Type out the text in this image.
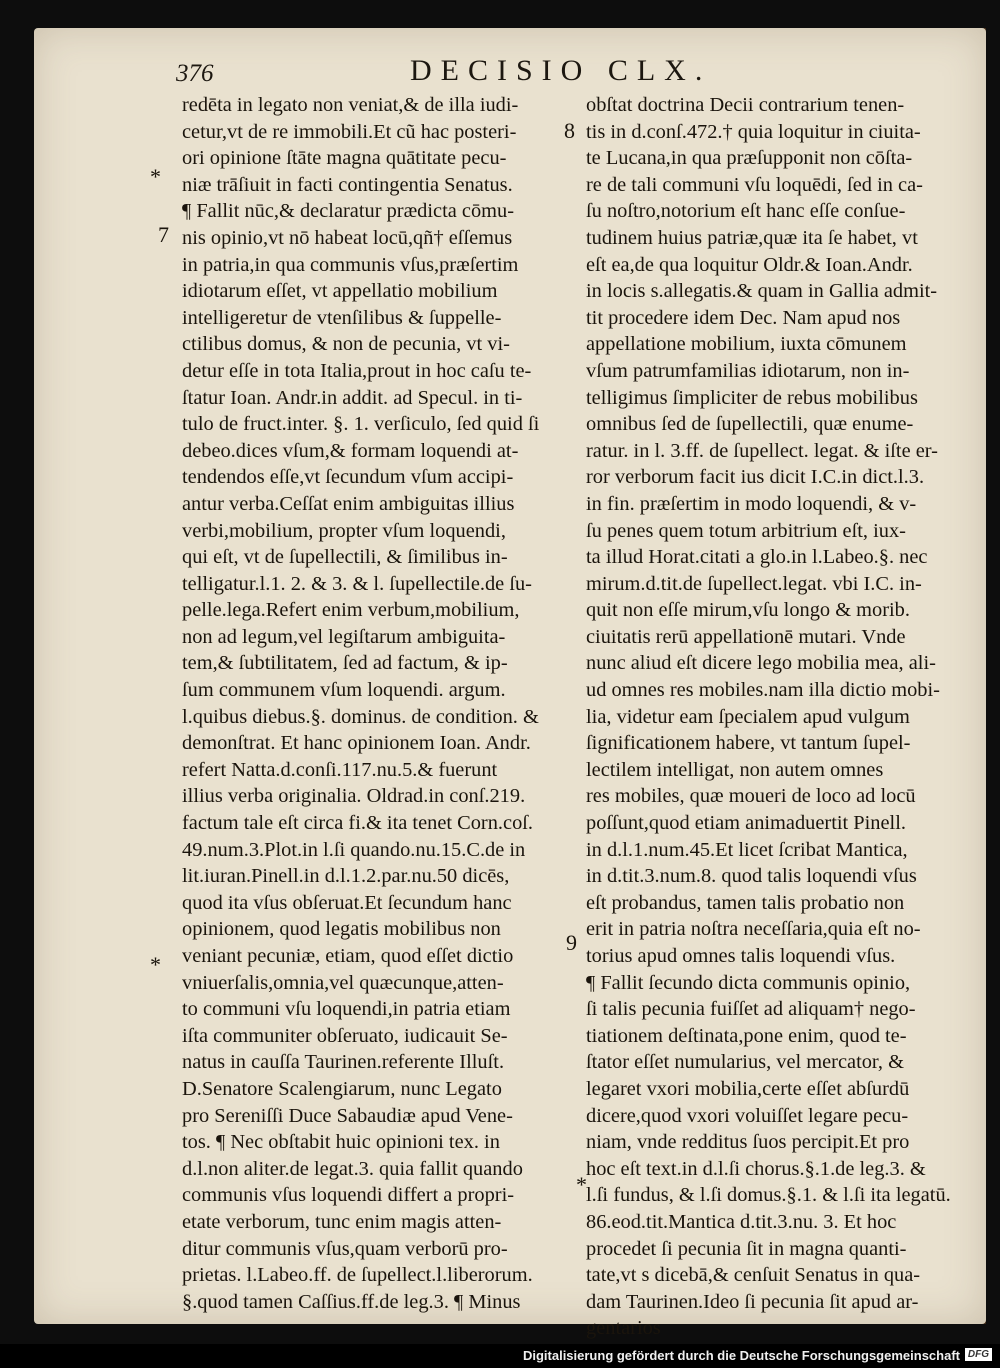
376	DECISIO CLX.
redēta in legato non veniat,& de illa iudi-
cetur,vt de re immobili.Et cũ hac posteri-
ori opinione ſtāte magna quātitate pecu-
niæ trāſiuit in facti contingentia Senatus.
¶ Fallit nūc,& declaratur prædicta cōmu-
nis opinio,vt nō habeat locū,qñ† eſſemus
in patria,in qua communis vſus,præſertim
idiotarum eſſet, vt appellatio mobilium
intelligeretur de vtenſilibus & ſuppelle-
ctilibus domus, & non de pecunia, vt vi-
detur eſſe in tota Italia,prout in hoc caſu te-
ſtatur Ioan. Andr.in addit. ad Specul. in ti-
tulo de fruct.inter. §. 1. verſiculo, ſed quid ſi
debeo.dices vſum,& formam loquendi at-
tendendos eſſe,vt ſecundum vſum accipi-
antur verba.Ceſſat enim ambiguitas illius
verbi,mobilium, propter vſum loquendi,
qui eſt, vt de ſupellectili, & ſimilibus in-
telligatur.l.1. 2. & 3. & l. ſupellectile.de ſu-
pelle.lega.Refert enim verbum,mobilium,
non ad legum,vel legiſtarum ambiguita-
tem,& ſubtilitatem, ſed ad factum, & ip-
ſum communem vſum loquendi. argum.
l.quibus diebus.§. dominus. de condition. &
demonſtrat. Et hanc opinionem Ioan. Andr.
refert Natta.d.conſi.117.nu.5.& fuerunt
illius verba originalia. Oldrad.in conſ.219.
factum tale eſt circa fi.& ita tenet Corn.coſ.
49.num.3.Plot.in l.ſi quando.nu.15.C.de in
lit.iuran.Pinell.in d.l.1.2.par.nu.50 dicēs,
quod ita vſus obſeruat.Et ſecundum hanc
opinionem, quod legatis mobilibus non
veniant pecuniæ, etiam, quod eſſet dictio
vniuerſalis,omnia,vel quæcunque,atten-
to communi vſu loquendi,in patria etiam
iſta communiter obſeruato, iudicauit Se-
natus in cauſſa Taurinen.referente Illuſt.
D.Senatore Scalengiarum, nunc Legato
pro Sereniſſi Duce Sabaudiæ apud Vene-
tos. ¶ Nec obſtabit huic opinioni tex. in
d.l.non aliter.de legat.3. quia fallit quando
communis vſus loquendi differt a propri-
etate verborum, tunc enim magis atten-
ditur communis vſus,quam verborū pro-
prietas. l.Labeo.ff. de ſupellect.l.liberorum.
§.quod tamen Caſſius.ff.de leg.3. ¶ Minus
obſtat doctrina Decii contrarium tenen-
tis in d.conſ.472.† quia loquitur in ciuita-
te Lucana,in qua præſupponit non cōſta-
re de tali communi vſu loquēdi, ſed in ca-
ſu noſtro,notorium eſt hanc eſſe conſue-
tudinem huius patriæ,quæ ita ſe habet, vt
eſt ea,de qua loquitur Oldr.& Ioan.Andr.
in locis s.allegatis.& quam in Gallia admit-
tit procedere idem Dec. Nam apud nos
appellatione mobilium, iuxta cōmunem
vſum patrumfamilias idiotarum, non in-
telligimus ſimpliciter de rebus mobilibus
omnibus ſed de ſupellectili, quæ enume-
ratur. in l. 3.ff. de ſupellect. legat. & iſte er-
ror verborum facit ius dicit I.C.in dict.l.3.
in fin. præſertim in modo loquendi, & v-
ſu penes quem totum arbitrium eſt, iux-
ta illud Horat.citati a glo.in l.Labeo.§. nec
mirum.d.tit.de ſupellect.legat. vbi I.C. in-
quit non eſſe mirum,vſu longo & morib.
ciuitatis rerū appellationē mutari. Vnde
nunc aliud eſt dicere lego mobilia mea, ali-
ud omnes res mobiles.nam illa dictio mobi-
lia, videtur eam ſpecialem apud vulgum
ſignificationem habere, vt tantum ſupel-
lectilem intelligat, non autem omnes
res mobiles, quæ moueri de loco ad locū
poſſunt,quod etiam animaduertit Pinell.
in d.l.1.num.45.Et licet ſcribat Mantica,
in d.tit.3.num.8. quod talis loquendi vſus
eſt probandus, tamen talis probatio non
erit in patria noſtra neceſſaria,quia eſt no-
torius apud omnes talis loquendi vſus.
¶ Fallit ſecundo dicta communis opinio,
ſi talis pecunia fuiſſet ad aliquam† nego-
tiationem deſtinata,pone enim, quod te-
ſtator eſſet numularius, vel mercator, &
legaret vxori mobilia,certe eſſet abſurdū
dicere,quod vxori voluiſſet legare pecu-
niam, vnde redditus ſuos percipit.Et pro
hoc eſt text.in d.l.ſi chorus.§.1.de leg.3. &
l.ſi fundus, & l.ſi domus.§.1. & l.ſi ita legatū.
86.eod.tit.Mantica d.tit.3.nu. 3. Et hoc
procedet ſi pecunia ſit in magna quanti-
tate,vt s dicebā,& cenſuit Senatus in qua-
dam Taurinen.Ideo ſi pecunia ſit apud ar-
gentarios
*
7
8
*
9
*
Digitalisierung gefördert durch die Deutsche Forschungsgemeinschaft DFG
